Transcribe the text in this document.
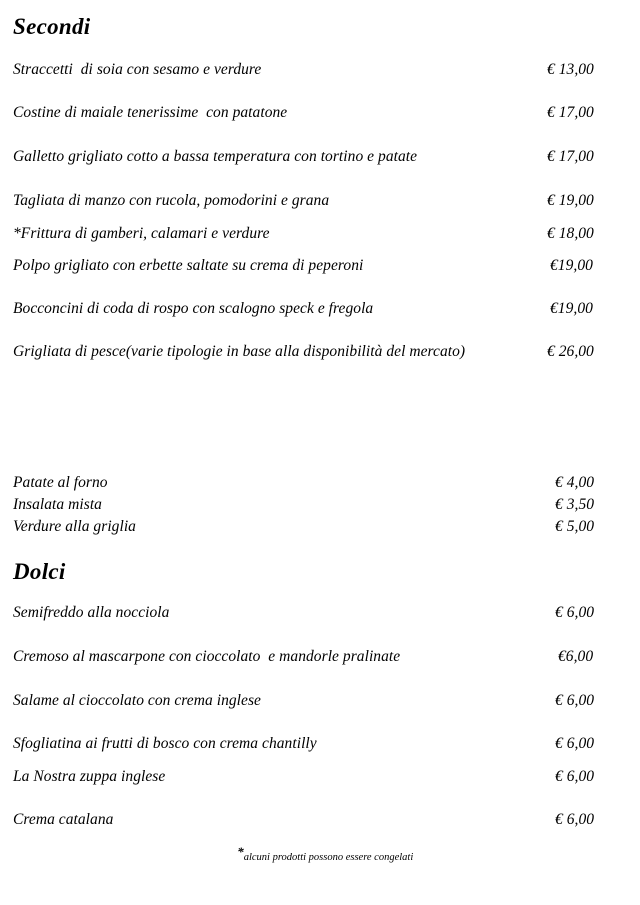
Secondi
Straccetti  di soia con sesamo e verdure	€ 13,00
Costine di maiale tenerissime  con patatone	€ 17,00
Galletto grigliato cotto a bassa temperatura con tortino e patate	€ 17,00
Tagliata di manzo con rucola, pomodorini e grana	€ 19,00
*Frittura di gamberi, calamari e verdure	€ 18,00
Polpo grigliato con erbette saltate su crema di peperoni	€19,00
Bocconcini di coda di rospo con scalogno speck e fregola	€19,00
Grigliata di pesce(varie tipologie in base alla disponibilità del mercato)	€ 26,00
Patate al forno	€ 4,00
Insalata mista	€ 3,50
Verdure alla griglia	€ 5,00
Dolci
Semifreddo alla nocciola	€ 6,00
Cremoso al mascarpone con cioccolato  e mandorle pralinate	€6,00
Salame al cioccolato con crema inglese	€ 6,00
Sfogliatina ai frutti di bosco con crema chantilly	€ 6,00
La Nostra zuppa inglese	€ 6,00
Crema catalana	€ 6,00

*alcuni prodotti possono essere congelati
